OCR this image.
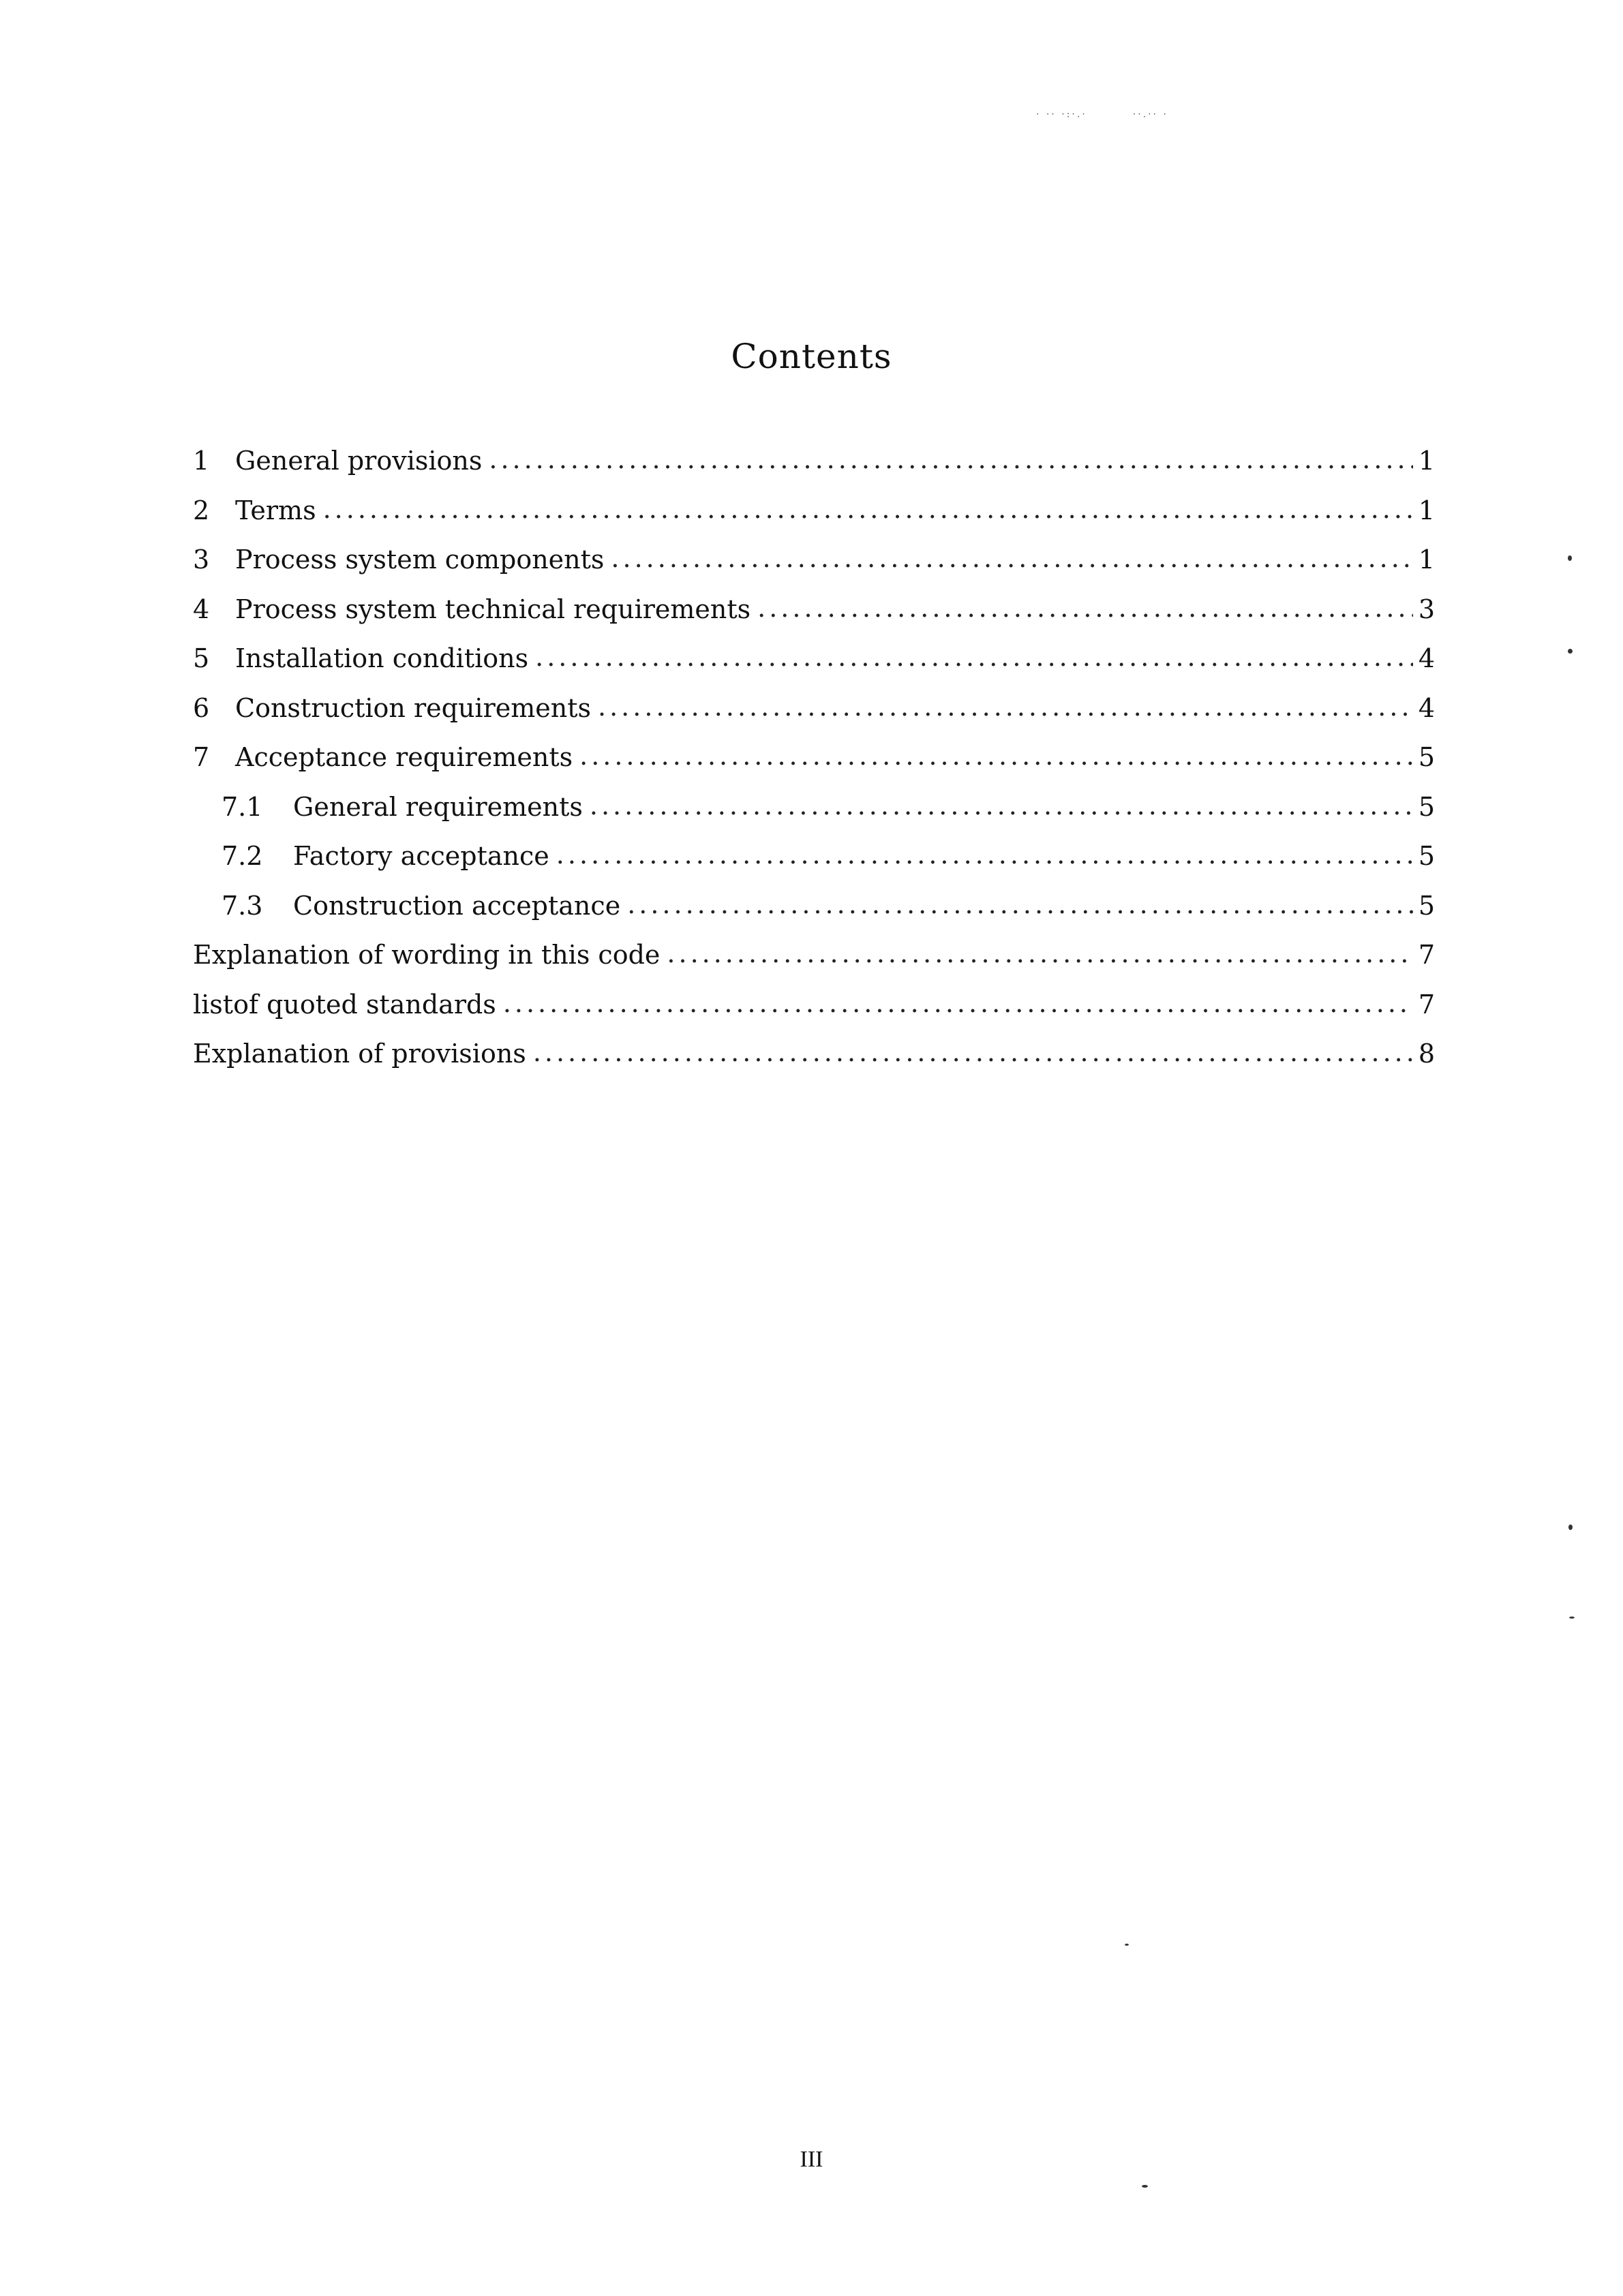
· ·· ·:·.·         ··.·· ·
Contents
1 General provisions .....	1
2 Terms .....	1
3 Process system components .....	1
4 Process system technical requirements .....	3
5 Installation conditions .....	4
6 Construction requirements .....	4
7 Acceptance requirements .....	5
7.1	General requirements .....	5
7.2	Factory acceptance .....	5
7.3	Construction acceptance .....	5
Explanation of wording in this code .....	7
listof quoted standards .....	7
Explanation of provisions .....	8
III
